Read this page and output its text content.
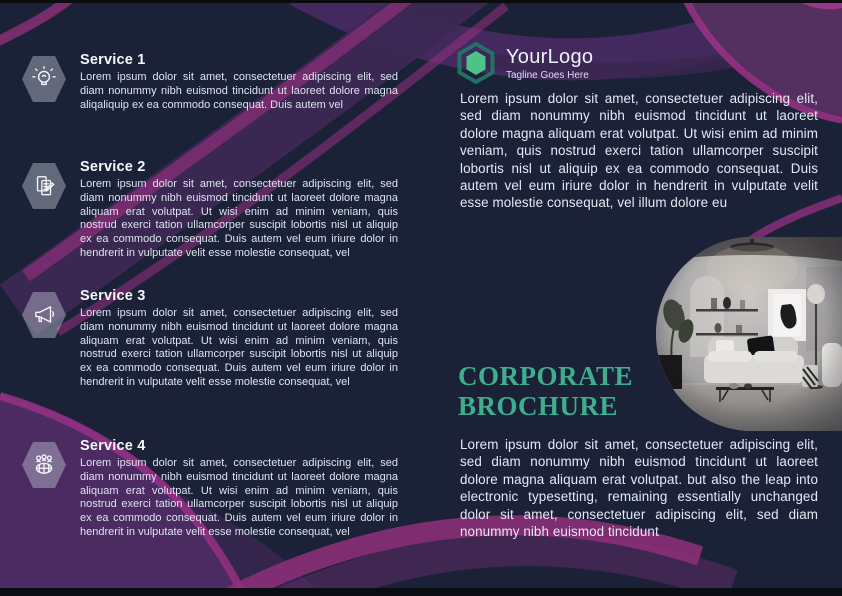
Service 1

Lorem ipsum dolor sit amet, consectetuer adipiscing elit, sed diam nonummy nibh euismod tincidunt ut laoreet dolore magna aliqaliquip ex ea commodo consequat. Duis autem vel

Service 2

Lorem ipsum dolor sit amet, consectetuer adipiscing elit, sed diam nonummy nibh euismod tincidunt ut laoreet dolore magna aliquam erat volutpat. Ut wisi enim ad minim veniam, quis nostrud exerci tation ullamcorper suscipit lobortis nisl ut aliquip ex ea commodo consequat. Duis autem vel eum iriure dolor in hendrerit in vulputate velit esse molestie consequat, vel

Service 3

Lorem ipsum dolor sit amet, consectetuer adipiscing elit, sed diam nonummy nibh euismod tincidunt ut laoreet dolore magna aliquam erat volutpat. Ut wisi enim ad minim veniam, quis nostrud exerci tation ullamcorper suscipit lobortis nisl ut aliquip ex ea commodo consequat. Duis autem vel eum iriure dolor in hendrerit in vulputate velit esse molestie consequat, vel

Service 4

Lorem ipsum dolor sit amet, consectetuer adipiscing elit, sed diam nonummy nibh euismod tincidunt ut laoreet dolore magna aliquam erat volutpat. Ut wisi enim ad minim veniam, quis nostrud exerci tation ullamcorper suscipit lobortis nisl ut aliquip ex ea commodo consequat. Duis autem vel eum iriure dolor in hendrerit in vulputate velit esse molestie consequat, vel

YourLogo
Tagline Goes Here

Lorem ipsum dolor sit amet, consectetuer adipiscing elit, sed diam nonummy nibh euismod tincidunt ut laoreet dolore magna aliquam erat volutpat. Ut wisi enim ad minim veniam, quis nostrud exerci tation ullamcorper suscipit lobortis nisl ut aliquip ex ea commodo consequat. Duis autem vel eum iriure dolor in hendrerit in vulputate velit esse molestie consequat, vel illum dolore eu

CORPORATE
BROCHURE

Lorem ipsum dolor sit amet, consectetuer adipiscing elit, sed diam nonummy nibh euismod tincidunt ut laoreet dolore magna aliquam erat volutpat. but also the leap into electronic typesetting, remaining essentially unchanged dolor sit amet, consectetuer adipiscing elit, sed diam nonummy nibh euismod tincidunt
